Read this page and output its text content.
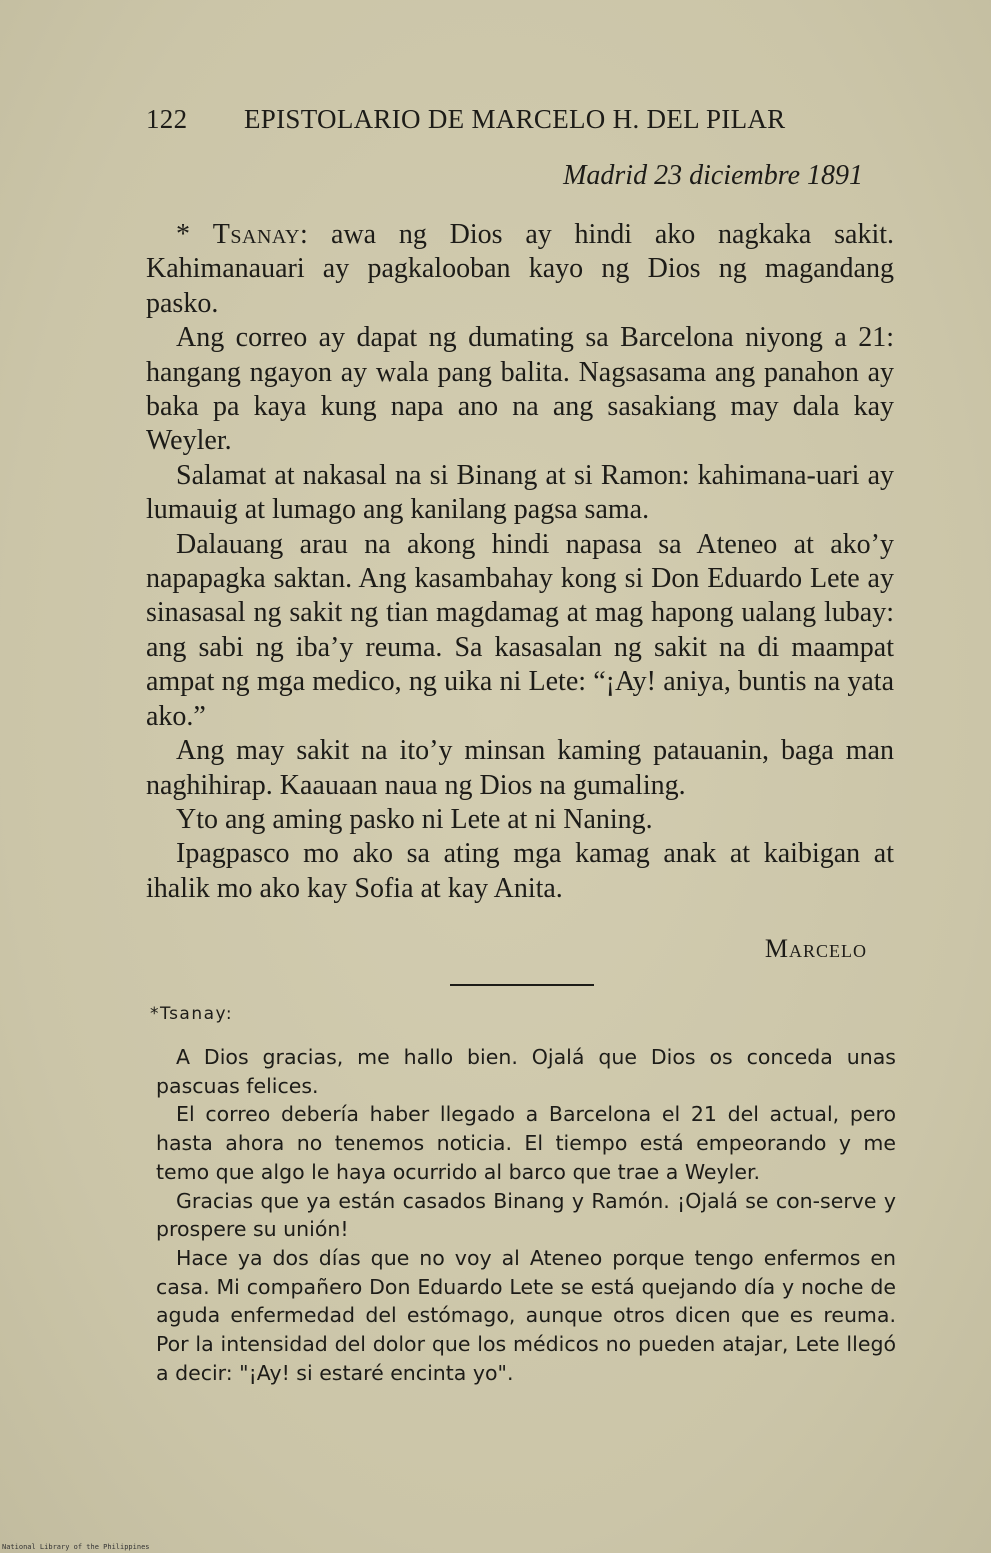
122 EPISTOLARIO DE MARCELO H. DEL PILAR
Madrid 23 diciembre 1891

* Tsanay: awa ng Dios ay hindi ako nagkaka sakit. Kahimanauari ay pagkalooban kayo ng Dios ng magandang pasko.

Ang correo ay dapat ng dumating sa Barcelona niyong a 21: hangang ngayon ay wala pang balita. Nagsasama ang panahon ay baka pa kaya kung napa ano na ang sasakiang may dala kay Weyler.

Salamat at nakasal na si Binang at si Ramon: kahimana-uari ay lumauig at lumago ang kanilang pagsa sama.

Dalauang arau na akong hindi napasa sa Ateneo at ako’y napapagka saktan. Ang kasambahay kong si Don Eduardo Lete ay sinasasal ng sakit ng tian magdamag at mag hapong ualang lubay: ang sabi ng iba’y reuma. Sa kasasalan ng sakit na di maampat ampat ng mga medico, ng uika ni Lete: “¡Ay! aniya, buntis na yata ako.”

Ang may sakit na ito’y minsan kaming patauanin, baga man naghihirap. Kaauaan naua ng Dios na gumaling.

Yto ang aming pasko ni Lete at ni Naning.

Ipagpasco mo ako sa ating mga kamag anak at kaibigan at ihalik mo ako kay Sofia at kay Anita.

Marcelo
*Tsanay:

A Dios gracias, me hallo bien. Ojalá que Dios os conceda unas pascuas felices.

El correo debería haber llegado a Barcelona el 21 del actual, pero hasta ahora no tenemos noticia. El tiempo está empeorando y me temo que algo le haya ocurrido al barco que trae a Weyler.

Gracias que ya están casados Binang y Ramón. ¡Ojalá se con-serve y prospere su unión!

Hace ya dos días que no voy al Ateneo porque tengo enfermos en casa. Mi compañero Don Eduardo Lete se está quejando día y noche de aguda enfermedad del estómago, aunque otros dicen que es reuma. Por la intensidad del dolor que los médicos no pueden atajar, Lete llegó a decir: "¡Ay! si estaré encinta yo".

National Library of the Philippines
